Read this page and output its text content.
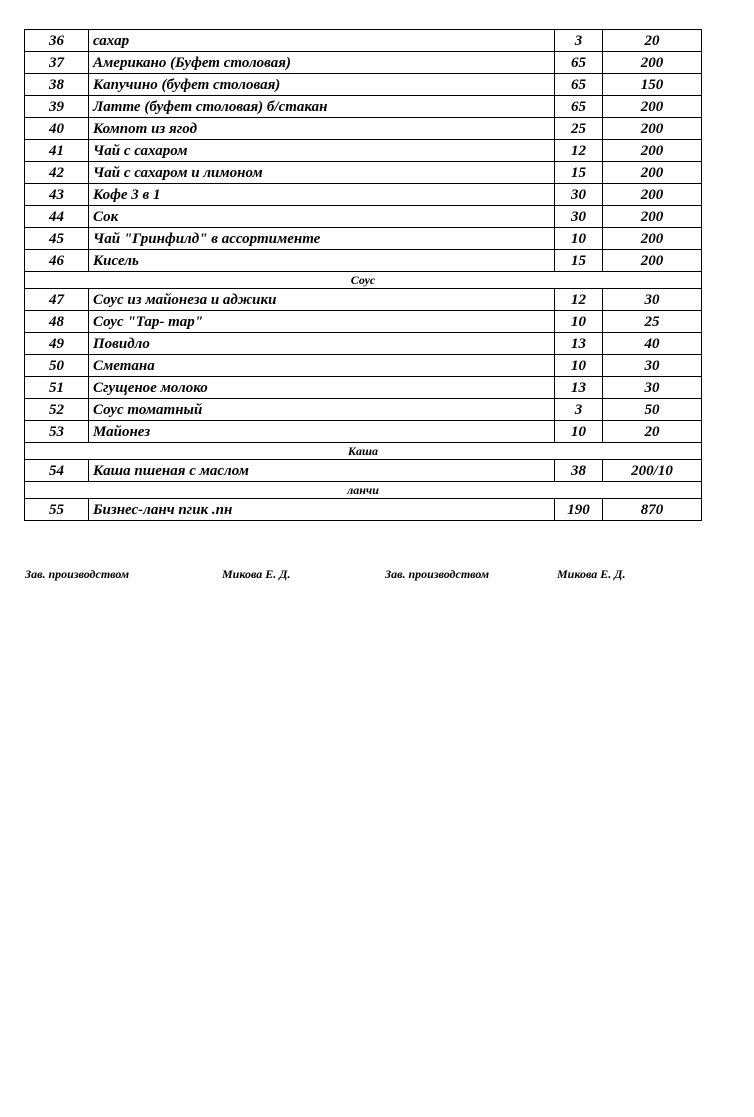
36	сахар	3	20
37	Американо (Буфет столовая)	65	200
38	Капучино (буфет столовая)	65	150
39	Латте (буфет столовая) б/стакан	65	200
40	Компот из ягод	25	200
41	Чай с сахаром	12	200
42	Чай с сахаром и лимоном	15	200
43	Кофе 3 в 1	30	200
44	Сок	30	200
45	Чай "Гринфилд" в ассортименте	10	200
46	Кисель	15	200
Соус			
47	Соус из майонеза и аджики	12	30
48	Соус "Тар- тар"	10	25
49	Повидло	13	40
50	Сметана	10	30
51	Сгущеное молоко	13	30
52	Соус томатный	3	50
53	Майонез	10	20
Каша			
54	Каша пшеная с маслом	38	200/10
ланчи			
55	Бизнес-ланч пгик .пн	190	870
Зав. производством	Микова Е. Д.	Зав. производством	Микова Е. Д.
